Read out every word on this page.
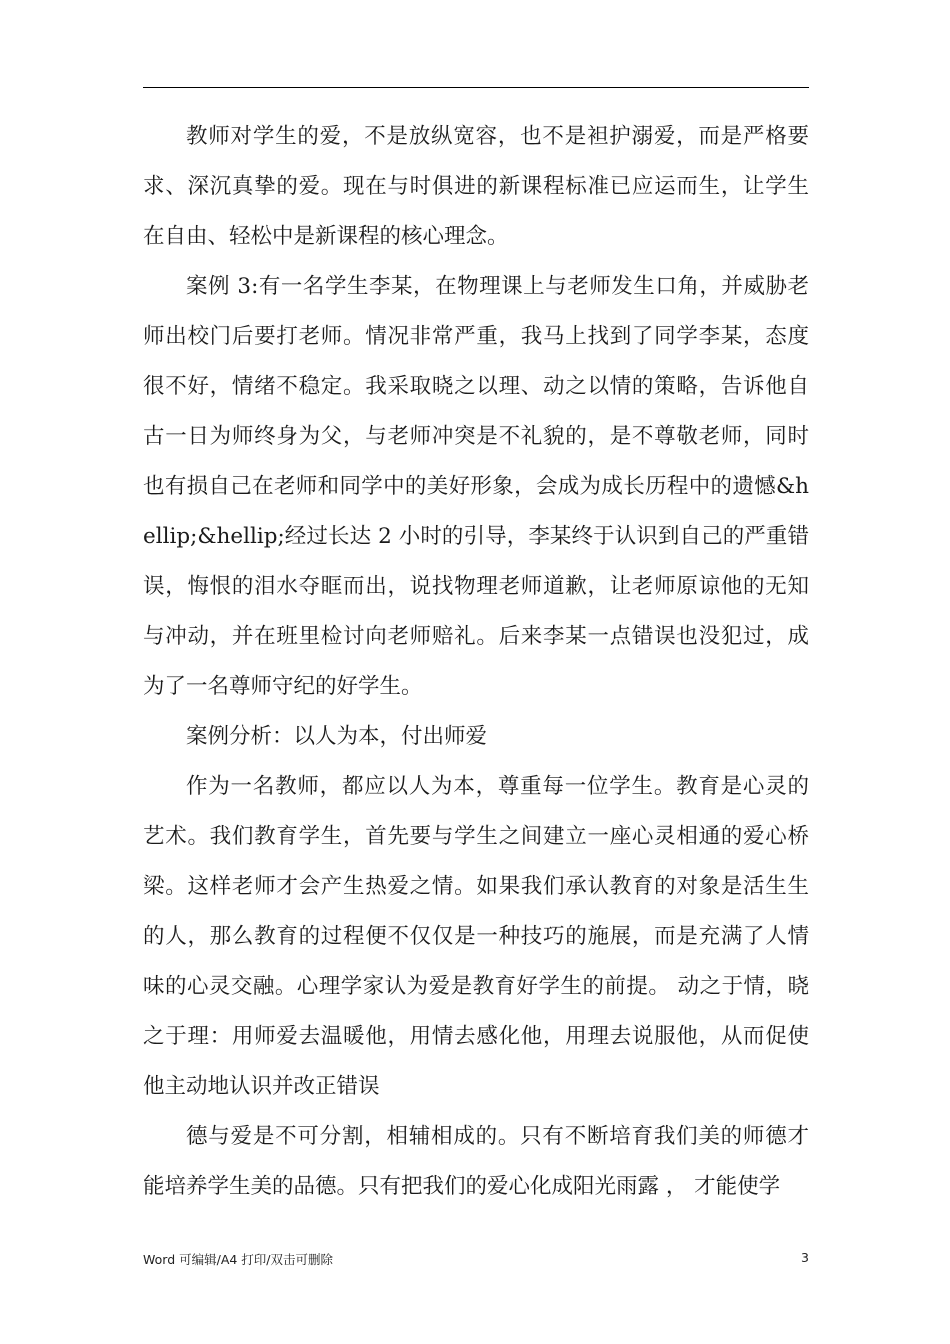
教师对学生的爱，不是放纵宽容，也不是袒护溺爱，而是严格要求、深沉真挚的爱。现在与时俱进的新课程标准已应运而生，让学生在自由、轻松中是新课程的核心理念。

案例 3:有一名学生李某，在物理课上与老师发生口角，并威胁老师出校门后要打老师。情况非常严重，我马上找到了同学李某，态度很不好，情绪不稳定。我采取晓之以理、动之以情的策略，告诉他自古一日为师终身为父，与老师冲突是不礼貌的，是不尊敬老师，同时也有损自己在老师和同学中的美好形象，会成为成长历程中的遗憾&hellip;&hellip;经过长达 2 小时的引导，李某终于认识到自己的严重错误，悔恨的泪水夺眶而出，说找物理老师道歉，让老师原谅他的无知与冲动，并在班里检讨向老师赔礼。后来李某一点错误也没犯过，成为了一名尊师守纪的好学生。

案例分析：以人为本，付出师爱

作为一名教师，都应以人为本，尊重每一位学生。教育是心灵的艺术。我们教育学生，首先要与学生之间建立一座心灵相通的爱心桥梁。这样老师才会产生热爱之情。如果我们承认教育的对象是活生生的人，那么教育的过程便不仅仅是一种技巧的施展，而是充满了人情味的心灵交融。心理学家认为爱是教育好学生的前提。 动之于情，晓之于理：用师爱去温暖他，用情去感化他，用理去说服他，从而促使他主动地认识并改正错误

德与爱是不可分割，相辅相成的。只有不断培育我们美的师德才能培养学生美的品德。只有把我们的爱心化成阳光雨露 ， 才能使学

Word 可编辑/A4 打印/双击可删除	3
